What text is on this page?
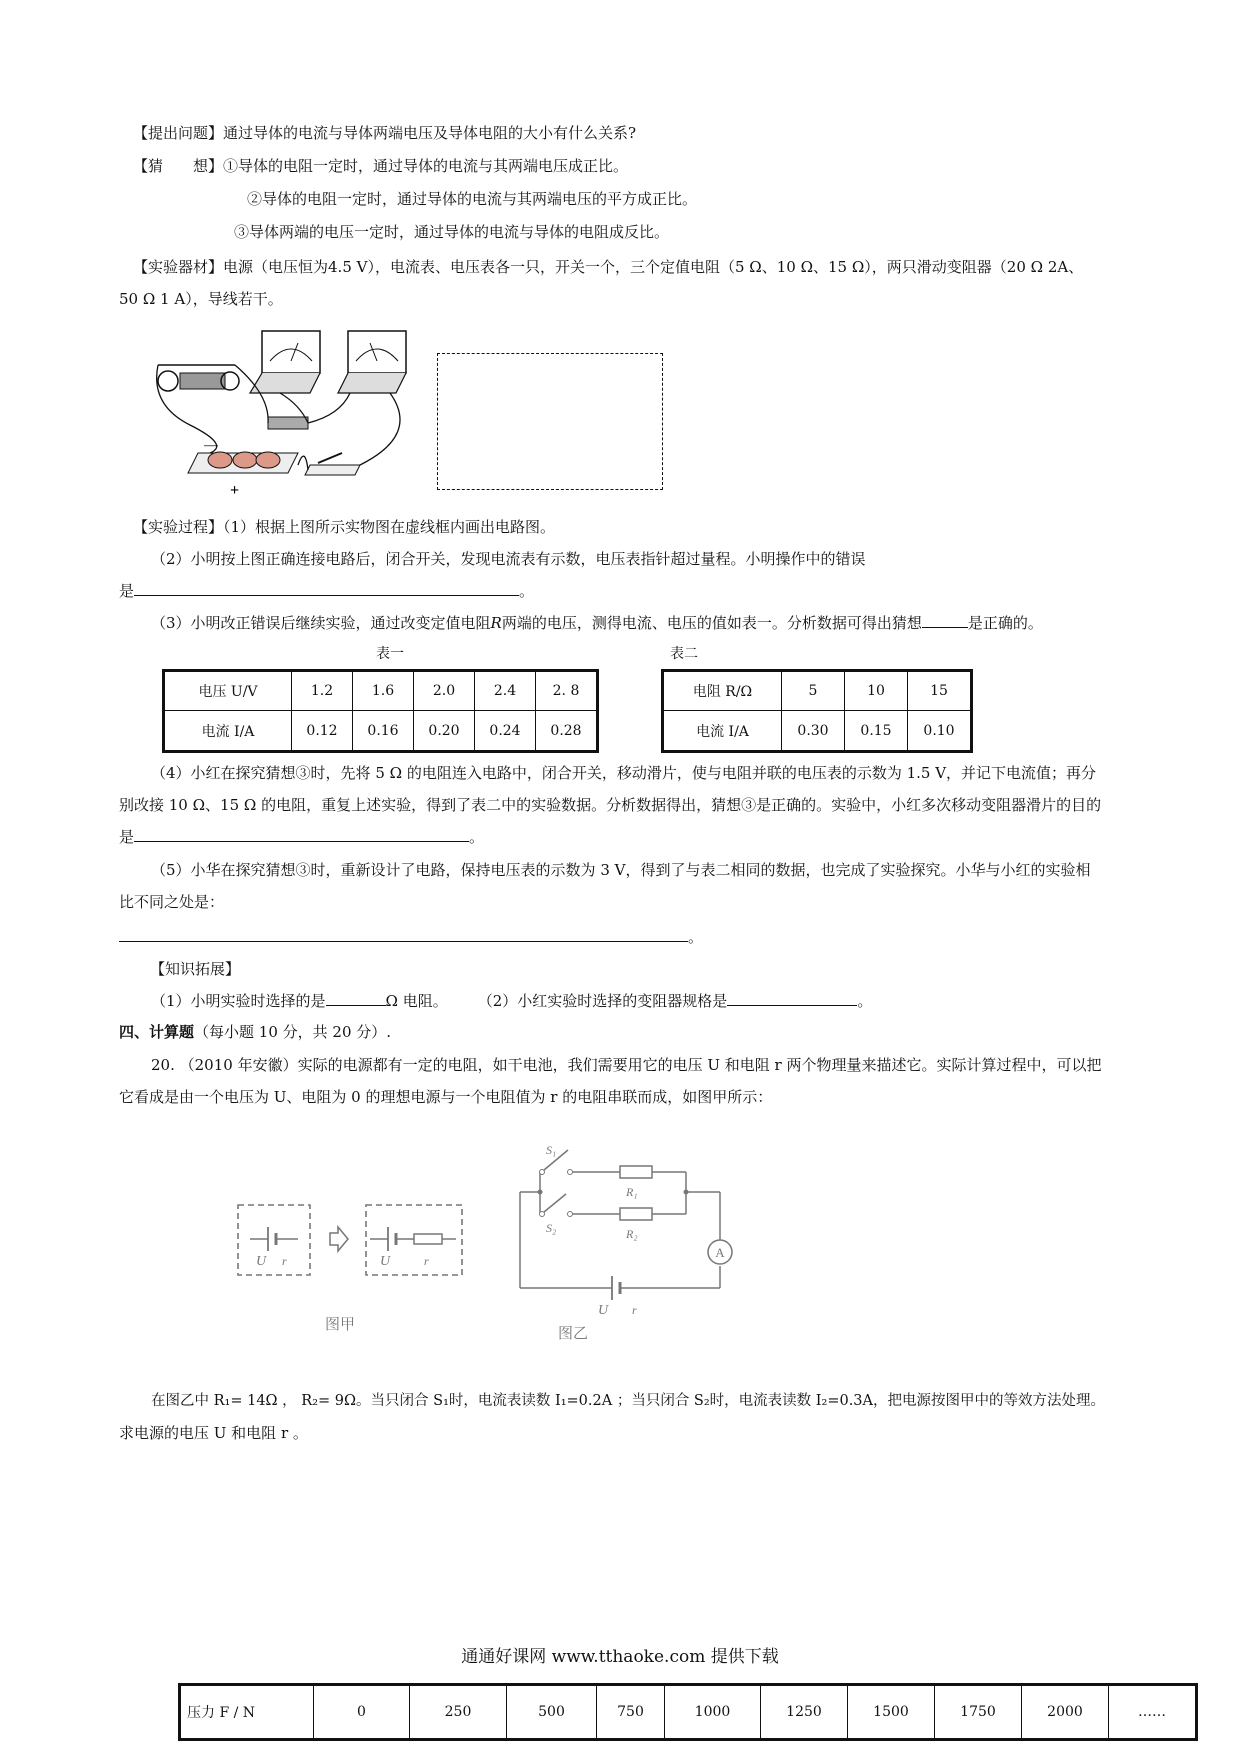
【提出问题】通过导体的电流与导体两端电压及导体电阻的大小有什么关系?
【猜　　想】①导体的电阻一定时，通过导体的电流与其两端电压成正比。
②导体的电阻一定时，通过导体的电流与其两端电压的平方成正比。
③导体两端的电压一定时，通过导体的电流与导体的电阻成反比。
【实验器材】电源（电压恒为4.5 V），电流表、电压表各一只，开关一个，三个定值电阻（5 Ω、10 Ω、15 Ω），两只滑动变阻器（20 Ω 2A、
50 Ω 1 A），导线若干。
+
—
【实验过程】（1）根据上图所示实物图在虚线框内画出电路图。
（2）小明按上图正确连接电路后，闭合开关，发现电流表有示数，电压表指针超过量程。小明操作中的错误
是	。
（3）小明改正错误后继续实验，通过改变定值电阻R两端的电压，测得电流、电压的值如表一。分析数据可得出猜想	是正确的。
表一	表二
电压 U/V	1.2	1.6	2.0	2.4	2. 8
电流 I/A	0.12	0.16	0.20	0.24	0.28
电阻 R/Ω	5	10	15
电流 I/A	0.30	0.15	0.10
（4）小红在探究猜想③时，先将 5 Ω 的电阻连入电路中，闭合开关，移动滑片，使与电阻并联的电压表的示数为 1.5 V，并记下电流值；再分
别改接 10 Ω、15 Ω 的电阻，重复上述实验，得到了表二中的实验数据。分析数据得出，猜想③是正确的。实验中，小红多次移动变阻器滑片的目的
是	。
（5）小华在探究猜想③时，重新设计了电路，保持电压表的示数为 3 V，得到了与表二相同的数据，也完成了实验探究。小华与小红的实验相
比不同之处是：
。
【知识拓展】
（1）小明实验时选择的是	Ω 电阻。 （2）小红实验时选择的变阻器规格是	。
四、计算题（每小题 10 分，共 20 分）.
20. （2010 年安徽）实际的电源都有一定的电阻，如干电池，我们需要用它的电压 U 和电阻 r 两个物理量来描述它。实际计算过程中，可以把
它看成是由一个电压为 U、电阻为 0 的理想电源与一个电阻值为 r 的电阻串联而成，如图甲所示：
U r	U	r
图甲
A
S₁
R₁
S₂	R₂
U r
图乙
在图乙中 R₁= 14Ω ， R₂= 9Ω。当只闭合 S₁时，电流表读数 I₁=0.2A ；当只闭合 S₂时，电流表读数 I₂=0.3A，把电源按图甲中的等效方法处理。
求电源的电压 U 和电阻 r 。
通通好课网 www.tthaoke.com 提供下载
压力 F / N	0	250	500	750	1000	1250	1500	1750	2000	……
